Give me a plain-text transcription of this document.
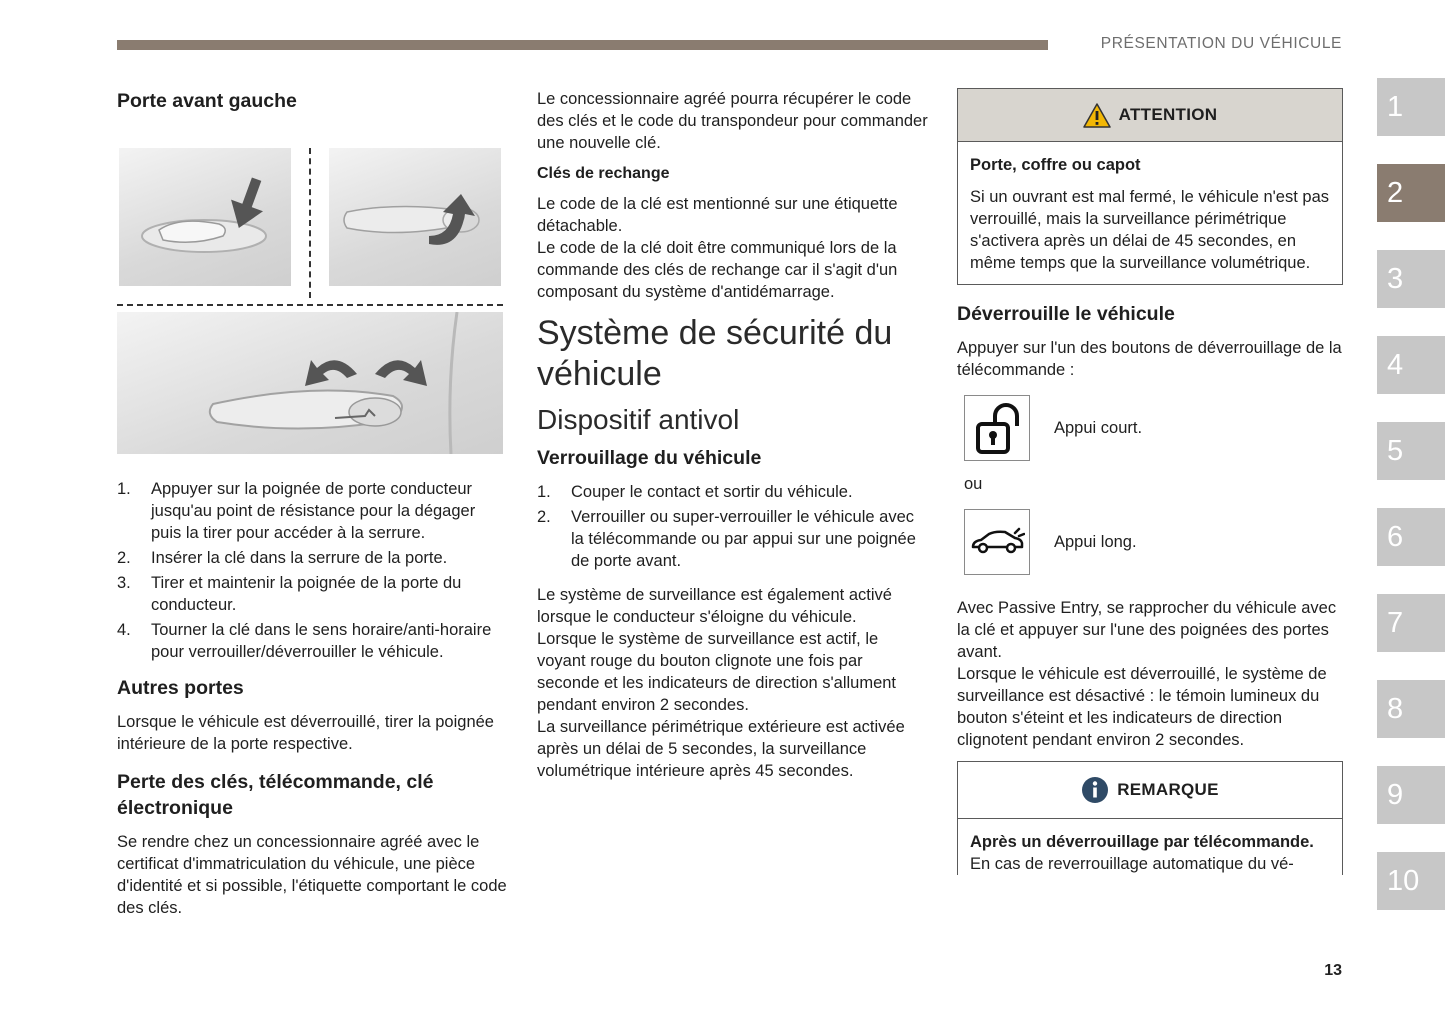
PRÉSENTATION DU VÉHICULE
Porte avant gauche
1.	Appuyer sur la poignée de porte conducteur jusqu'au point de résistance pour la dégager puis la tirer pour accéder à la serrure.
2.	Insérer la clé dans la serrure de la porte.
3.	Tirer et maintenir la poignée de la porte du conducteur.
4.	Tourner la clé dans le sens horaire/anti-horaire pour verrouiller/déverrouiller le véhicule.
Autres portes

Lorsque le véhicule est déverrouillé, tirer la poignée intérieure de la porte respective.

Perte des clés, télécommande, clé électronique

Se rendre chez un concessionnaire agréé avec le certificat d'immatriculation du véhicule, une pièce d'identité et si possible, l'étiquette comportant le code des clés.

Le concessionnaire agréé pourra récupérer le code des clés et le code du transpondeur pour commander une nouvelle clé.

Clés de rechange

Le code de la clé est mentionné sur une étiquette détachable.

Le code de la clé doit être communiqué lors de la commande des clés de rechange car il s'agit d'un composant du système d'antidémarrage.

Système de sécurité du véhicule
Dispositif antivol
Verrouillage du véhicule
1.	Couper le contact et sortir du véhicule.
2.	Verrouiller ou super-verrouiller le véhicule avec la télécommande ou par appui sur une poignée de porte avant.

Le système de surveillance est également activé lorsque le conducteur s'éloigne du véhicule.

Lorsque le système de surveillance est actif, le voyant rouge du bouton clignote une fois par seconde et les indicateurs de direction s'allument pendant environ 2 secondes.

La surveillance périmétrique extérieure est activée après un délai de 5 secondes, la surveillance volumétrique intérieure après 45 secondes.

ATTENTION
Porte, coffre ou capot
Si un ouvrant est mal fermé, le véhicule n'est pas verrouillé, mais la surveillance périmétrique s'activera après un délai de 45 secondes, en même temps que la surveillance volumétrique.
Déverrouille le véhicule

Appuyer sur l'un des boutons de déverrouillage de la télécommande :

Appui court.
ou
Appui long.

Avec Passive Entry, se rapprocher du véhicule avec la clé et appuyer sur l'une des poignées des portes avant.

Lorsque le véhicule est déverrouillé, le système de surveillance est désactivé : le témoin lumineux du bouton s'éteint et les indicateurs de direction clignotent pendant environ 2 secondes.

REMARQUE
Après un déverrouillage par télécommande.
En cas de reverrouillage automatique du vé-
1
2
3
4
5
6
7
8
9
10
13
